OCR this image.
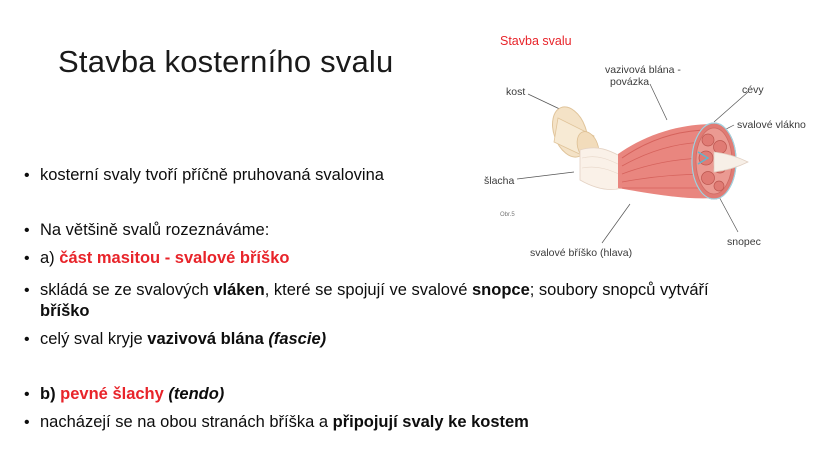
Stavba kosterního svalu
• kosterní svaly tvoří příčně pruhovaná svalovina
• Na většině svalů rozeznáváme:
• a) část masitou - svalové bříško
• skládá se ze svalových vláken, které se spojují ve svalové snopce; soubory snopců vytváří bříško
• celý sval kryje vazivová blána (fascie)
• b) pevné šlachy (tendo)
• nacházejí se na obou stranách bříška a připojují svaly ke kostem
Stavba svalu
Obr.5
kost
vazivová blána -
povázka
cévy
svalové vlákno
šlacha
snopec
svalové bříško (hlava)
